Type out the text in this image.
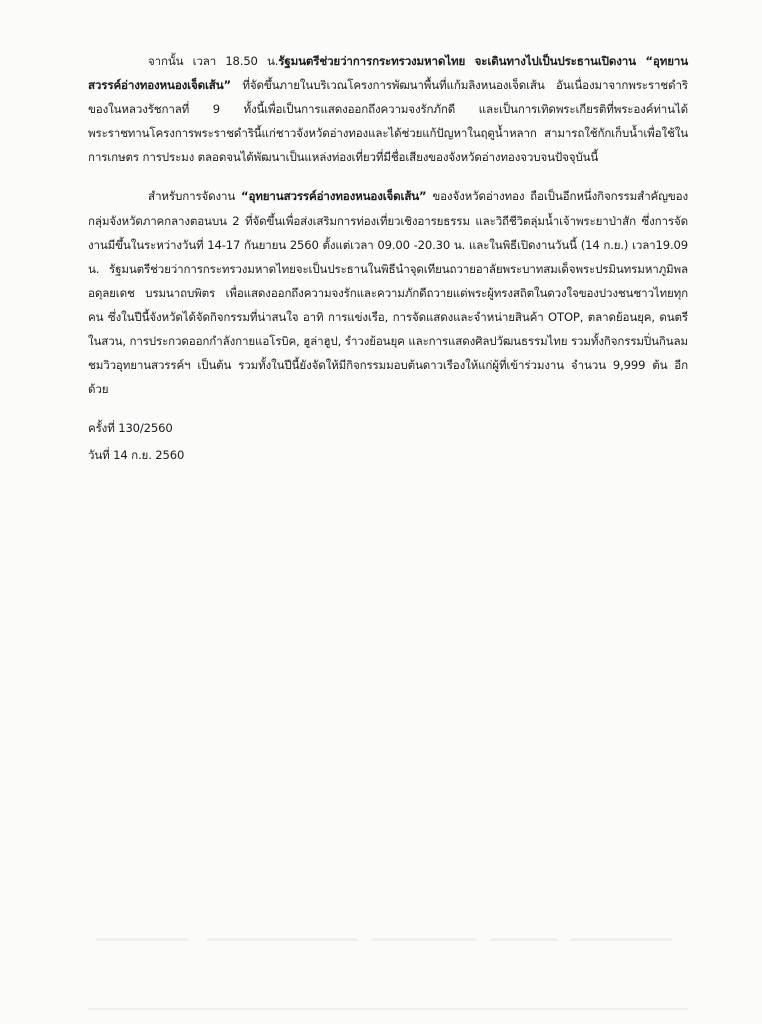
จากนั้น เวลา 18.50 น.รัฐมนตรีช่วยว่าการกระทรวงมหาดไทย จะเดินทางไปเป็นประธานเปิดงาน “อุทยานสวรรค์อ่างทองหนองเจ็ดเส้น” ที่จัดขึ้นภายในบริเวณโครงการพัฒนาพื้นที่แก้มลิงหนองเจ็ดเส้น อันเนื่องมาจากพระราชดำริของในหลวงรัชกาลที่ 9 ทั้งนี้เพื่อเป็นการแสดงออกถึงความจงรักภักดี และเป็นการเทิดพระเกียรติที่พระองค์ท่านได้พระราชทานโครงการพระราชดำรินี้แก่ชาวจังหวัดอ่างทองและได้ช่วยแก้ปัญหาในฤดูน้ำหลาก สามารถใช้กักเก็บน้ำเพื่อใช้ในการเกษตร การประมง ตลอดจนได้พัฒนาเป็นแหล่งท่องเที่ยวที่มีชื่อเสียงของจังหวัดอ่างทองจวบจนปัจจุบันนี้

สำหรับการจัดงาน “อุทยานสวรรค์อ่างทองหนองเจ็ดเส้น” ของจังหวัดอ่างทอง ถือเป็นอีกหนึ่งกิจกรรมสำคัญของกลุ่มจังหวัดภาคกลางตอนบน 2 ที่จัดขึ้นเพื่อส่งเสริมการท่องเที่ยวเชิงอารยธรรม และวิถีชีวิตลุ่มน้ำเจ้าพระยาป่าสัก ซึ่งการจัดงานมีขึ้นในระหว่างวันที่ 14-17 กันยายน 2560 ตั้งแต่เวลา 09.00 -20.30 น. และในพิธีเปิดงานวันนี้ (14 ก.ย.) เวลา19.09 น. รัฐมนตรีช่วยว่าการกระทรวงมหาดไทยจะเป็นประธานในพิธีนำจุดเทียนถวายอาลัยพระบาทสมเด็จพระปรมินทรมหาภูมิพลอดุลยเดช บรมนาถบพิตร เพื่อแสดงออกถึงความจงรักและความภักดีถวายแด่พระผู้ทรงสถิตในดวงใจของปวงชนชาวไทยทุกคน ซึ่งในปีนี้จังหวัดได้จัดกิจกรรมที่น่าสนใจ อาทิ การแข่งเรือ, การจัดแสดงและจำหน่ายสินค้า OTOP, ตลาดย้อนยุค, ดนตรีในสวน, การประกวดออกกำลังกายแอโรบิค, ฮูล่าฮูป, รำวงย้อนยุค และการแสดงศิลปวัฒนธรรมไทย รวมทั้งกิจกรรมปิ่นกินลมชมวิวอุทยานสวรรค์ฯ เป็นต้น รวมทั้งในปีนี้ยังจัดให้มีกิจกรรมมอบต้นดาวเรืองให้แก่ผู้ที่เข้าร่วมงาน จำนวน 9,999 ต้น อีกด้วย

ครั้งที่ 130/2560

วันที่ 14 ก.ย. 2560
